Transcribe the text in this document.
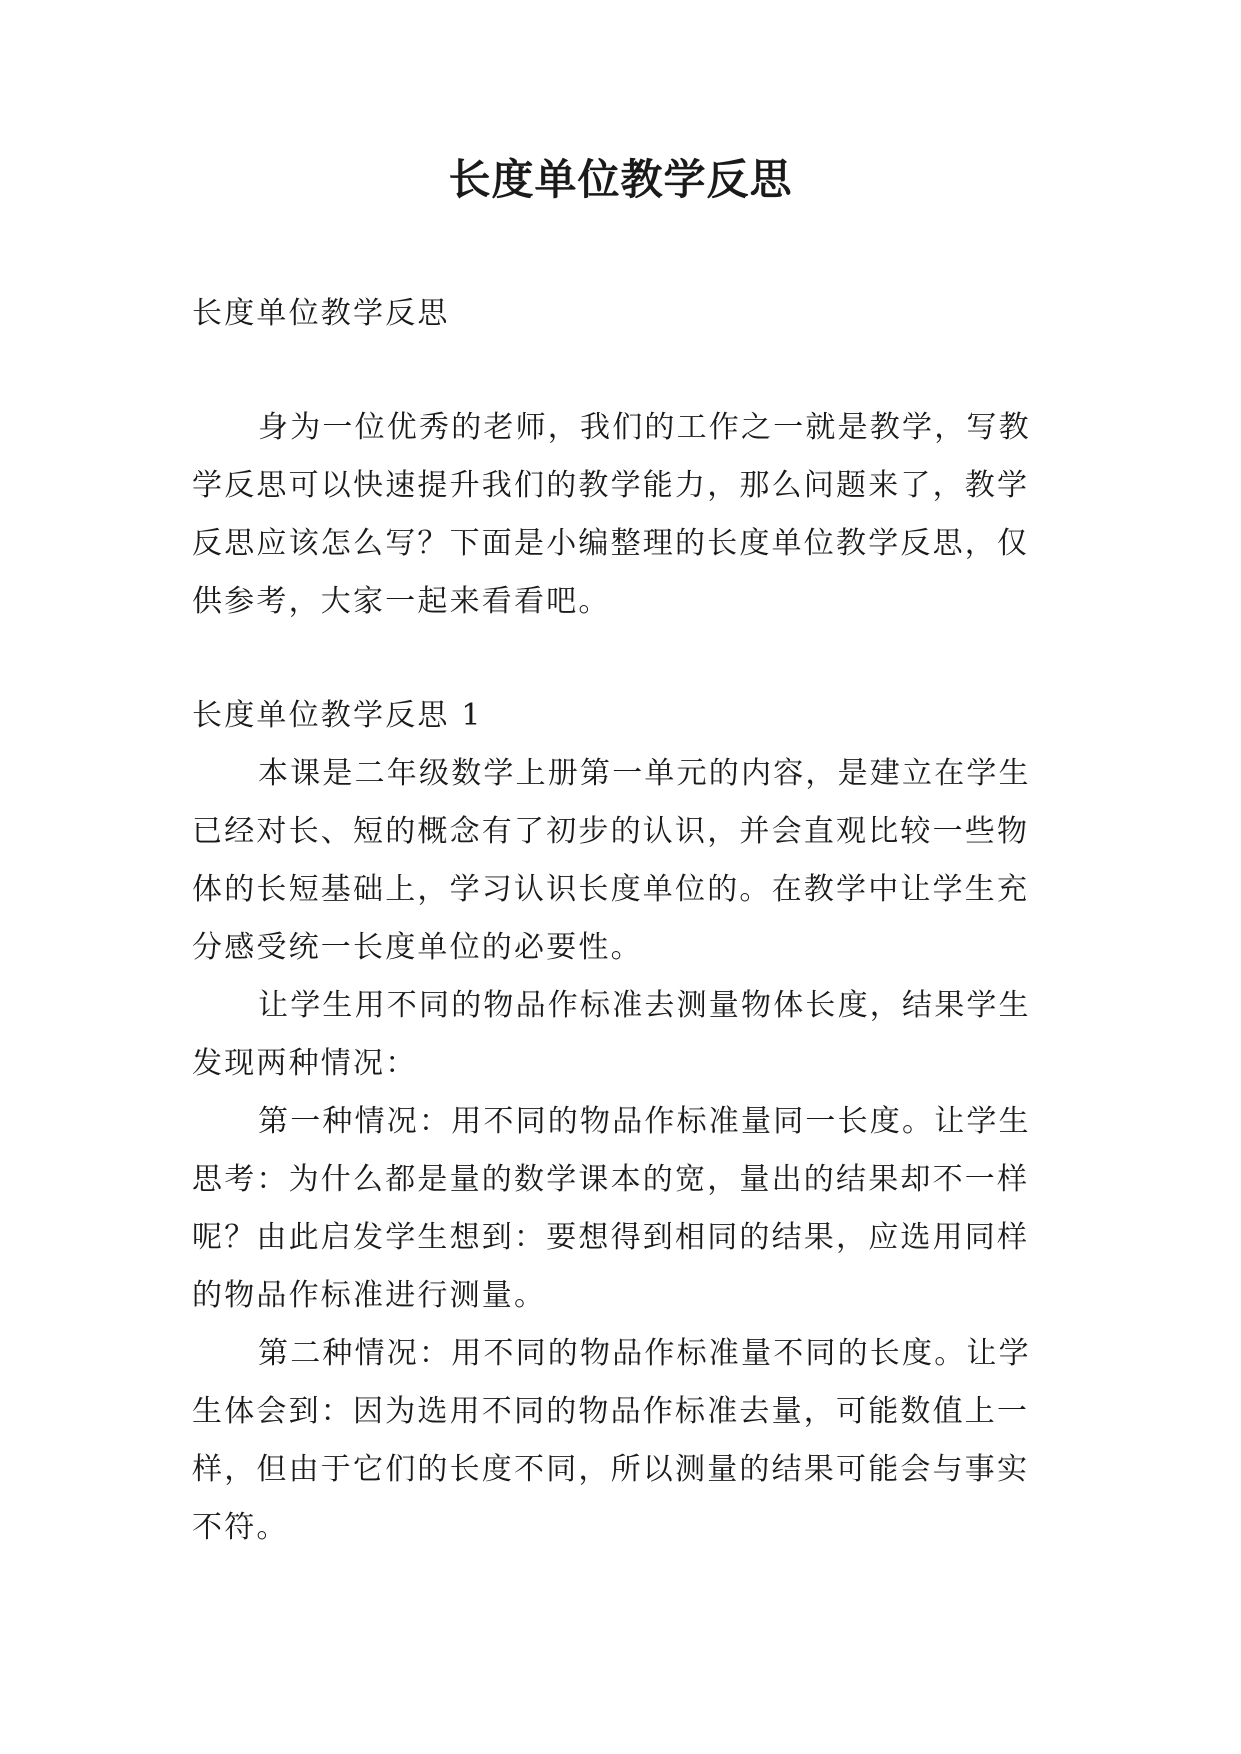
长度单位教学反思

长度单位教学反思

身为一位优秀的老师，我们的工作之一就是教学，写教

学反思可以快速提升我们的教学能力，那么问题来了，教学

反思应该怎么写？下面是小编整理的长度单位教学反思，仅

供参考，大家一起来看看吧。

长度单位教学反思 1

本课是二年级数学上册第一单元的内容，是建立在学生

已经对长、短的概念有了初步的认识，并会直观比较一些物

体的长短基础上，学习认识长度单位的。在教学中让学生充

分感受统一长度单位的必要性。

让学生用不同的物品作标准去测量物体长度，结果学生

发现两种情况：

第一种情况：用不同的物品作标准量同一长度。让学生

思考：为什么都是量的数学课本的宽，量出的结果却不一样

呢？由此启发学生想到：要想得到相同的结果，应选用同样

的物品作标准进行测量。

第二种情况：用不同的物品作标准量不同的长度。让学

生体会到：因为选用不同的物品作标准去量，可能数值上一

样，但由于它们的长度不同，所以测量的结果可能会与事实

不符。
